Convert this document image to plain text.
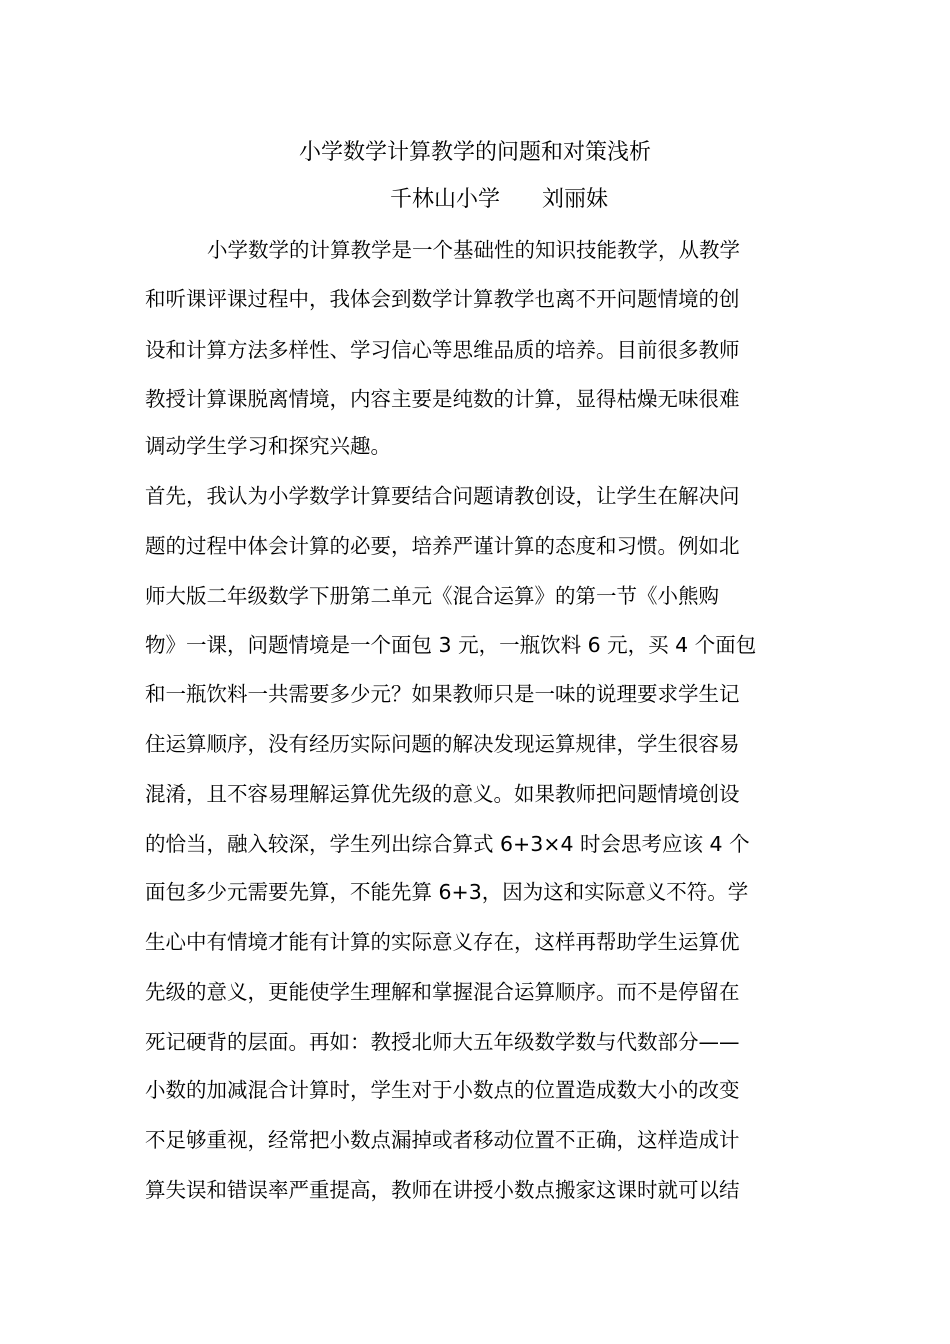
小学数学计算教学的问题和对策浅析
千林山小学 刘丽妹
小学数学的计算教学是一个基础性的知识技能教学，从教学
和听课评课过程中，我体会到数学计算教学也离不开问题情境的创
设和计算方法多样性、学习信心等思维品质的培养。目前很多教师
教授计算课脱离情境，内容主要是纯数的计算，显得枯燥无味很难
调动学生学习和探究兴趣。
首先，我认为小学数学计算要结合问题请教创设，让学生在解决问
题的过程中体会计算的必要，培养严谨计算的态度和习惯。例如北
师大版二年级数学下册第二单元《混合运算》的第一节《小熊购
物》一课，问题情境是一个面包 3 元，一瓶饮料 6 元，买 4 个面包
和一瓶饮料一共需要多少元？如果教师只是一味的说理要求学生记
住运算顺序，没有经历实际问题的解决发现运算规律，学生很容易
混淆，且不容易理解运算优先级的意义。如果教师把问题情境创设
的恰当，融入较深，学生列出综合算式 6+3×4 时会思考应该 4 个
面包多少元需要先算，不能先算 6+3，因为这和实际意义不符。学
生心中有情境才能有计算的实际意义存在，这样再帮助学生运算优
先级的意义，更能使学生理解和掌握混合运算顺序。而不是停留在
死记硬背的层面。再如：教授北师大五年级数学数与代数部分——
小数的加减混合计算时，学生对于小数点的位置造成数大小的改变
不足够重视，经常把小数点漏掉或者移动位置不正确，这样造成计
算失误和错误率严重提高，教师在讲授小数点搬家这课时就可以结
